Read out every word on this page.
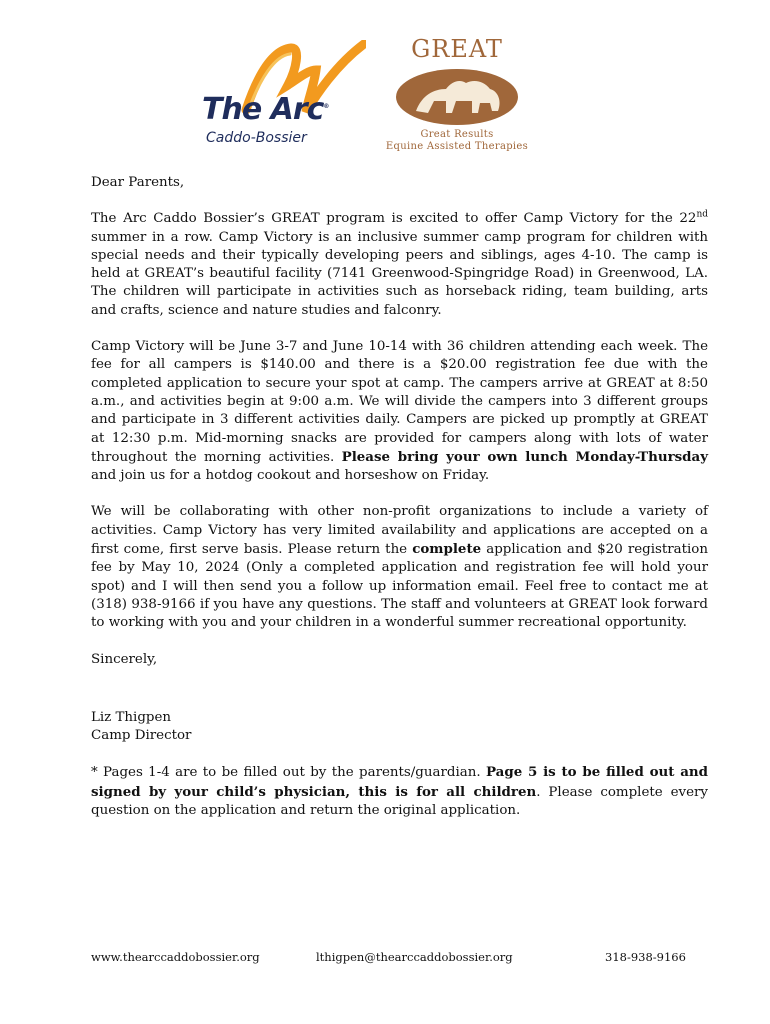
The Arc®
Caddo-Bossier
GREAT
Great Results
Equine Assisted Therapies

Dear Parents,

The Arc Caddo Bossier’s GREAT program is excited to offer Camp Victory for the 22nd summer in a row. Camp Victory is an inclusive summer camp program for children with special needs and their typically developing peers and siblings, ages 4-10. The camp is held at GREAT’s beautiful facility (7141 Greenwood-Spingridge Road) in Greenwood, LA. The children will participate in activities such as horseback riding, team building, arts and crafts, science and nature studies and falconry.

Camp Victory will be June 3-7 and June 10-14 with 36 children attending each week. The fee for all campers is $140.00 and there is a $20.00 registration fee due with the completed application to secure your spot at camp. The campers arrive at GREAT at 8:50 a.m., and activities begin at 9:00 a.m. We will divide the campers into 3 different groups and participate in 3 different activities daily. Campers are picked up promptly at GREAT at 12:30 p.m. Mid-morning snacks are provided for campers along with lots of water throughout the morning activities. Please bring your own lunch Monday-Thursday and join us for a hotdog cookout and horseshow on Friday.

We will be collaborating with other non-profit organizations to include a variety of activities. Camp Victory has very limited availability and applications are accepted on a first come, first serve basis. Please return the complete application and $20 registration fee by May 10, 2024 (Only a completed application and registration fee will hold your spot) and I will then send you a follow up information email. Feel free to contact me at (318) 938-9166 if you have any questions. The staff and volunteers at GREAT look forward to working with you and your children in a wonderful summer recreational opportunity.

Sincerely,

Liz Thigpen

Camp Director

* Pages 1-4 are to be filled out by the parents/guardian. Page 5 is to be filled out and signed by your child’s physician, this is for all children. Please complete every question on the application and return the original application.

www.thearccaddobossier.org	lthigpen@thearccaddobossier.org	318-938-9166
